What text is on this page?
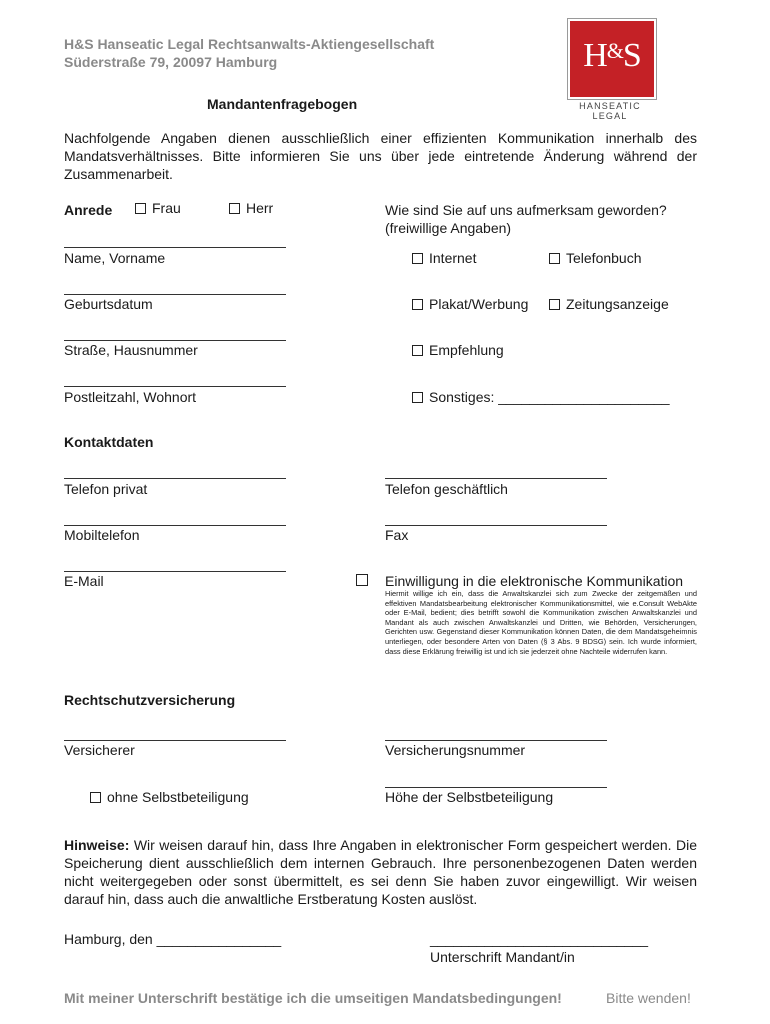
H&S Hanseatic Legal Rechtsanwalts-Aktiengesellschaft
Süderstraße 79, 20097 Hamburg	H&S
HANSEATIC LEGAL
Mandantenfragebogen
Nachfolgende Angaben dienen ausschließlich einer effizienten Kommunikation innerhalb des Mandatsverhältnisses. Bitte informieren Sie uns über jede eintretende Änderung während der Zusammenarbeit.
Anrede	Frau	Herr
Name, Vorname
Geburtsdatum
Straße, Hausnummer
Postleitzahl, Wohnort
Wie sind Sie auf uns aufmerksam geworden?
(freiwillige Angaben)
Internet	Telefonbuch
Plakat/Werbung	Zeitungsanzeige
Empfehlung
Sonstiges: ______________________
Kontaktdaten
Telefon privat	Telefon geschäftlich
Mobiltelefon	Fax
E-Mail	Einwilligung in die elektronische Kommunikation
Hiermit willige ich ein, dass die Anwaltskanzlei sich zum Zwecke der zeitgemäßen und effektiven Mandatsbearbeitung elektronischer Kommunikationsmittel, wie e.Consult WebAkte oder E-Mail, bedient; dies betrifft sowohl die Kommunikation zwischen Anwaltskanzlei und Mandant als auch zwischen Anwaltskanzlei und Dritten, wie Behörden, Versicherungen, Gerichten usw. Gegenstand dieser Kommunikation können Daten, die dem Mandatsgeheimnis unterliegen, oder besondere Arten von Daten (§ 3 Abs. 9 BDSG) sein. Ich wurde informiert, dass diese Erklärung freiwillig ist und ich sie jederzeit ohne Nachteile widerrufen kann.
Rechtschutzversicherung
Versicherer	Versicherungsnummer
ohne Selbstbeteiligung	Höhe der Selbstbeteiligung
Hinweise: Wir weisen darauf hin, dass Ihre Angaben in elektronischer Form gespeichert werden. Die Speicherung dient ausschließlich dem internen Gebrauch. Ihre personenbezogenen Daten werden nicht weitergegeben oder sonst übermittelt, es sei denn Sie haben zuvor eingewilligt. Wir weisen darauf hin, dass auch die anwaltliche Erstberatung Kosten auslöst.
Hamburg, den ________________	____________________________
Unterschrift Mandant/in
Mit meiner Unterschrift bestätige ich die umseitigen Mandatsbedingungen!	Bitte wenden!
